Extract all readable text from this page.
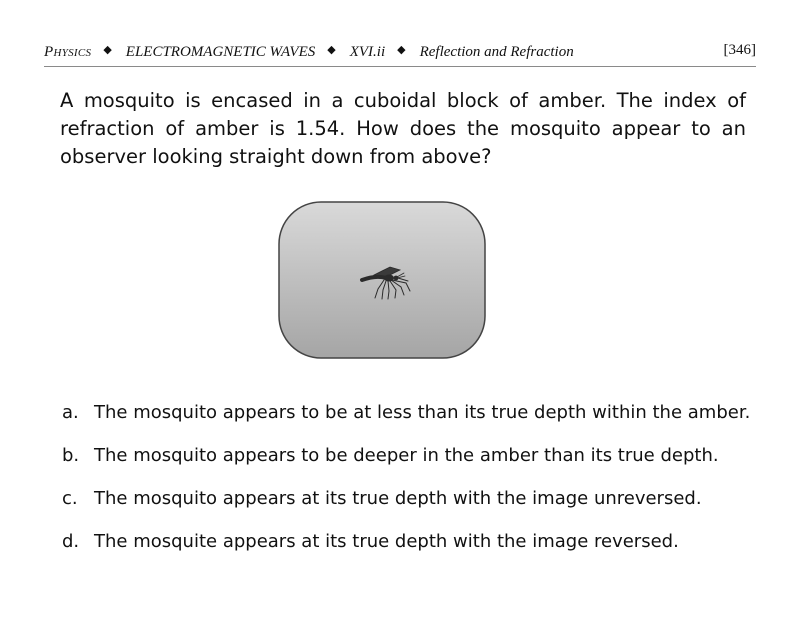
Physics ◆ ELECTROMAGNETIC WAVES ◆ XVI.ii ◆ Reflection and Refraction	[346]
A mosquito is encased in a cuboidal block of amber. The index of refraction of amber is 1.54. How does the mosquito appear to an observer looking straight down from above?
a. The mosquito appears to be at less than its true depth within the amber.
b. The mosquito appears to be deeper in the amber than its true depth.
c. The mosquito appears at its true depth with the image unreversed.
d. The mosquite appears at its true depth with the image reversed.
